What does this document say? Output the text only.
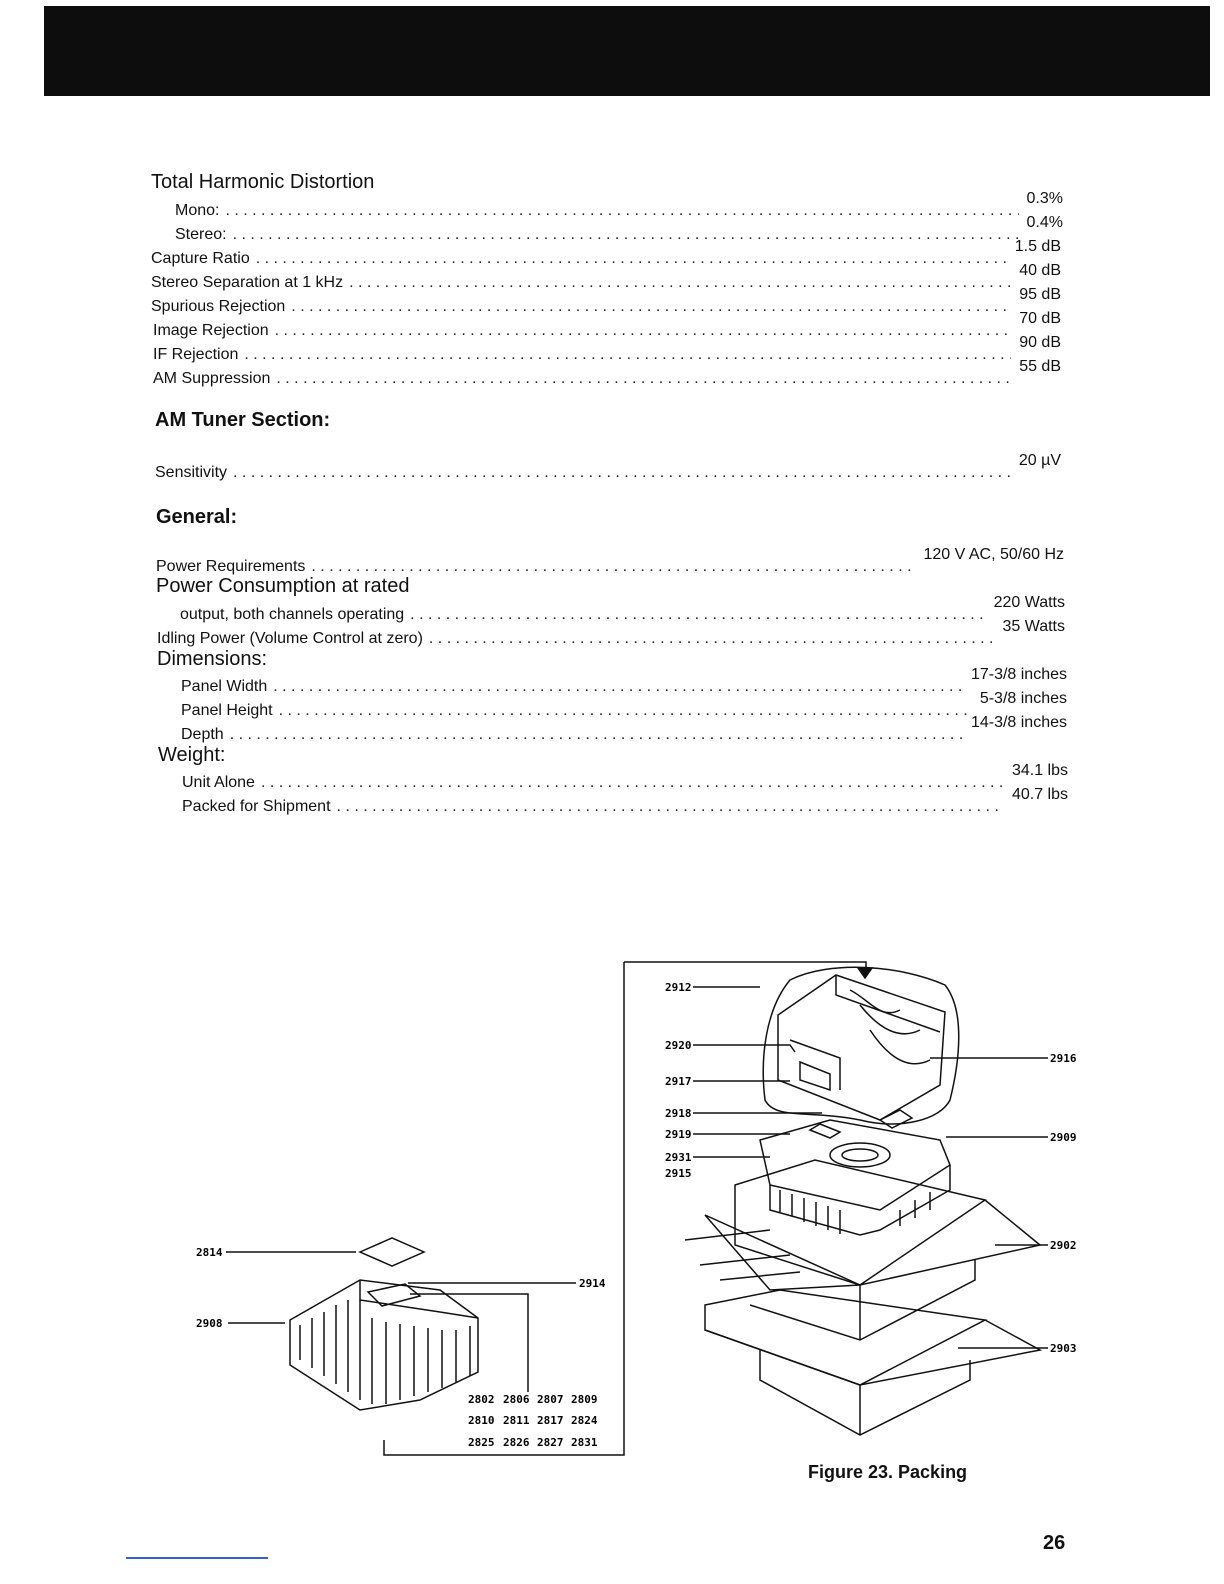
Total Harmonic Distortion
Mono:
. . .
0.3%
Stereo:
. . .
0.4%
Capture Ratio
. . .
1.5 dB
Stereo Separation at 1 kHz
. . .
40 dB
Spurious Rejection
. . .
95 dB
Image Rejection
. . .
70 dB
IF Rejection
. . .
90 dB
AM Suppression
. . .
55 dB
AM Tuner Section:
Sensitivity
. . .
20 µV
General:
Power Requirements
. . .
120 V AC, 50/60 Hz
Power Consumption at rated
output, both channels operating
. . .
220 Watts
Idling Power (Volume Control at zero)
. . .
35 Watts
Dimensions:
Panel Width
. . .
17-3/8 inches
Panel Height
. . .
5-3/8 inches
Depth
. . .
14-3/8 inches
Weight:
Unit Alone
. . .
34.1 lbs
Packed for Shipment
. . .
40.7 lbs
2814
2908
2914
2802 2806 2807 2809
2810 2811 2817 2824
2825 2826 2827 2831
2912
2920
2917
2918
2919
2931
2915
2916
2909
2902
2903
Figure 23. Packing
26
